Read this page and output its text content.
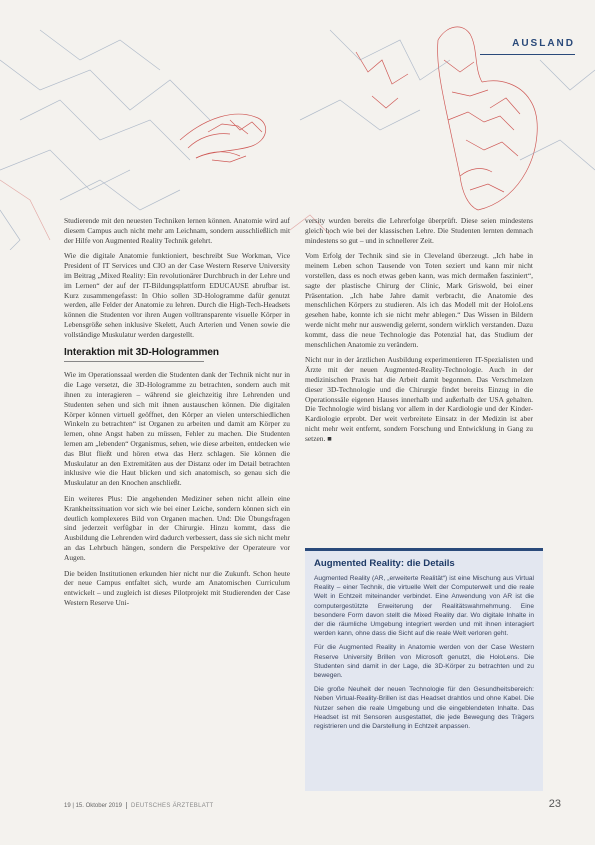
AUSLAND

Studierende mit den neuesten Techniken lernen können. Anatomie wird auf diesem Campus auch nicht mehr am Leichnam, sondern ausschließlich mit der Hilfe von Augmented Reality Technik gelehrt.

Wie die digitale Anatomie funktioniert, beschreibt Sue Workman, Vice President of IT Services und CIO an der Case Western Reserve University im Beitrag „Mixed Reality: Ein revolutionärer Durchbruch in der Lehre und im Lernen“ der auf der IT-Bildungsplattform EDUCAUSE abrufbar ist. Kurz zusammengefasst: In Ohio sollen 3D-Hologramme dafür genutzt werden, alle Felder der Anatomie zu lehren. Durch die High-Tech-Headsets können die Studenten vor ihren Augen volltransparente visuelle Körper in Lebensgröße sehen inklusive Skelett, Auch Arterien und Venen sowie die vollständige Muskulatur werden dargestellt.

Interaktion mit 3D-Hologrammen

Wie im Operationssaal werden die Studenten dank der Technik nicht nur in die Lage versetzt, die 3D-Hologramme zu betrachten, sondern auch mit ihnen zu interagieren – während sie gleichzeitig ihre Lehrenden und Studenten sehen und sich mit ihnen austauschen können. Die digitalen Körper können virtuell geöffnet, den Körper an vielen unterschiedlichen Winkeln zu betrachten“ ist Organen zu arbeiten und damit am Körper zu lernen, ohne Angst haben zu müssen, Fehler zu machen. Die Studenten lernen am „lebenden“ Organismus, sehen, wie diese arbeiten, entdecken wie das Blut fließt und hören etwa das Herz schlagen. Sie können die Muskulatur an den Extremitäten aus der Distanz oder im Detail betrachten inklusive wie die Haut blicken und sich anatomisch, so genau sich die Muskulatur an den Knochen anschließt.

Ein weiteres Plus: Die angehenden Mediziner sehen nicht allein eine Krankheitssituation vor sich wie bei einer Leiche, sondern können sich ein deutlich komplexeres Bild von Organen machen. Und: Die Übungsfragen sind jederzeit verfügbar in der Chirurgie. Hinzu kommt, dass die Ausbildung die Lehrenden wird dadurch verbessert, dass sie sich nicht mehr an das Lehrbuch hängen, sondern die Perspektive der Operateure vor Augen.

Die beiden Institutionen erkunden hier nicht nur die Zukunft. Schon heute der neue Campus entfaltet sich, wurde am Anatomischen Curriculum entwickelt – und zugleich ist dieses Pilotprojekt mit Studierenden der Case Western Reserve Uni-

versity wurden bereits die Lehrerfolge überprüft. Diese seien mindestens gleich hoch wie bei der klassischen Lehre. Die Studenten lernten demnach mindestens so gut – und in schnellerer Zeit.

Vom Erfolg der Technik sind sie in Cleveland überzeugt. „Ich habe in meinem Leben schon Tausende von Toten seziert und kann mir nicht vorstellen, dass es noch etwas geben kann, was mich dermaßen fasziniert“, sagte der plastische Chirurg der Clinic, Mark Griswold, bei einer Präsentation. „Ich habe Jahre damit verbracht, die Anatomie des menschlichen Körpers zu studieren. Als ich das Modell mit der HoloLens gesehen habe, konnte ich sie nicht mehr ablegen.“ Das Wissen in Bildern werde nicht mehr nur auswendig gelernt, sondern wirklich verstanden. Dazu kommt, dass die neue Technologie das Potenzial hat, das Studium der menschlichen Anatomie zu verändern.

Nicht nur in der ärztlichen Ausbildung experimentieren IT-Spezialisten und Ärzte mit der neuen Augmented-Reality-Technologie. Auch in der medizinischen Praxis hat die Arbeit damit begonnen. Das Verschmelzen dieser 3D-Technologie und die Chirurgie findet bereits Einzug in die Operationssäle eigenen Hauses innerhalb und außerhalb der USA gehalten. Die Technologie wird bislang vor allem in der Kardiologie und der Kinder-Kardiologie erprobt. Der weit verbreitete Einsatz in der Medizin ist aber nicht mehr weit entfernt, sondern Forschung und Entwicklung in Gang zu setzen. ■

Augmented Reality: die Details

Augmented Reality (AR, „erweiterte Realität“) ist eine Mischung aus Virtual Reality – einer Technik, die virtuelle Welt der Computerwelt und die reale Welt in Echtzeit miteinander verbindet. Eine Anwendung von AR ist die computergestützte Erweiterung der Realitätswahrnehmung. Eine besondere Form davon stellt die Mixed Reality dar. Wo digitale Inhalte in der die räumliche Umgebung integriert werden und mit ihnen interagiert werden kann, ohne dass die Sicht auf die reale Welt verloren geht.

Für die Augmented Reality in Anatomie werden von der Case Western Reserve University Brillen von Microsoft genutzt, die HoloLens. Die Studenten sind damit in der Lage, die 3D-Körper zu betrachten und zu bewegen.

Die große Neuheit der neuen Technologie für den Gesundheitsbereich: Neben Virtual-Reality-Brillen ist das Headset drahtlos und ohne Kabel. Die Nutzer sehen die reale Umgebung und die eingeblendeten Inhalte. Das Headset ist mit Sensoren ausgestattet, die jede Bewegung des Trägers registrieren und die Darstellung in Echtzeit anpassen.

19 | 15. Oktober 2019 DEUTSCHES ÄRZTEBLATT	23
